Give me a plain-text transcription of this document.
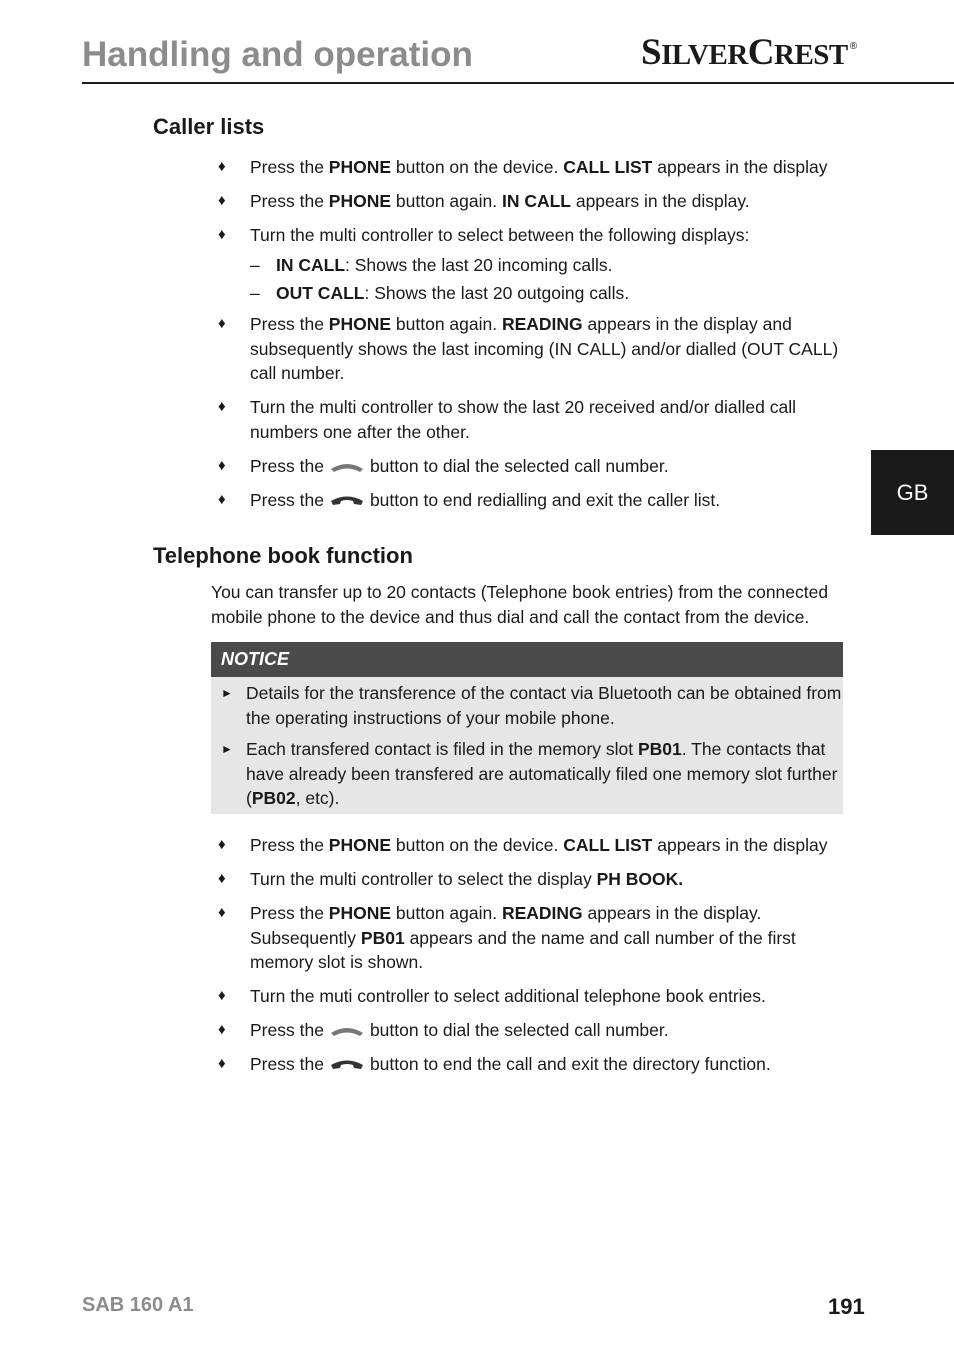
Handling and operation	SILVERCREST ®
GB
Caller lists
♦ Press the PHONE button on the device. CALL LIST appears in the display
♦ Press the PHONE button again. IN CALL appears in the display.
♦ Turn the multi controller to select between the following displays:
– IN CALL: Shows the last 20 incoming calls.
– OUT CALL: Shows the last 20 outgoing calls.
♦ Press the PHONE button again. READING appears in the display and subsequently shows the last incoming (IN CALL) and/or dialled (OUT CALL) call number.
♦ Turn the multi controller to show the last 20 received and/or dialled call numbers one after the other.
♦ Press the	button to dial the selected call number.
♦ Press the	button to end redialling and exit the caller list.
Telephone book function

You can transfer up to 20 contacts (Telephone book entries) from the connected mobile phone to the device and thus dial and call the contact from the device.

NOTICE
► Details for the transference of the contact via Bluetooth can be obtained from the operating instructions of your mobile phone.
► Each transfered contact is filed in the memory slot PB01. The contacts that have already been transfered are automatically filed one memory slot further (PB02, etc).
♦ Press the PHONE button on the device. CALL LIST appears in the display
♦ Turn the multi controller to select the display PH BOOK.
♦ Press the PHONE button again. READING appears in the display. Subsequently PB01 appears and the name and call number of the first memory slot is shown.
♦ Turn the muti controller to select additional telephone book entries.
♦ Press the	button to dial the selected call number.
♦ Press the	button to end the call and exit the directory function.
SAB 160 A1	191
